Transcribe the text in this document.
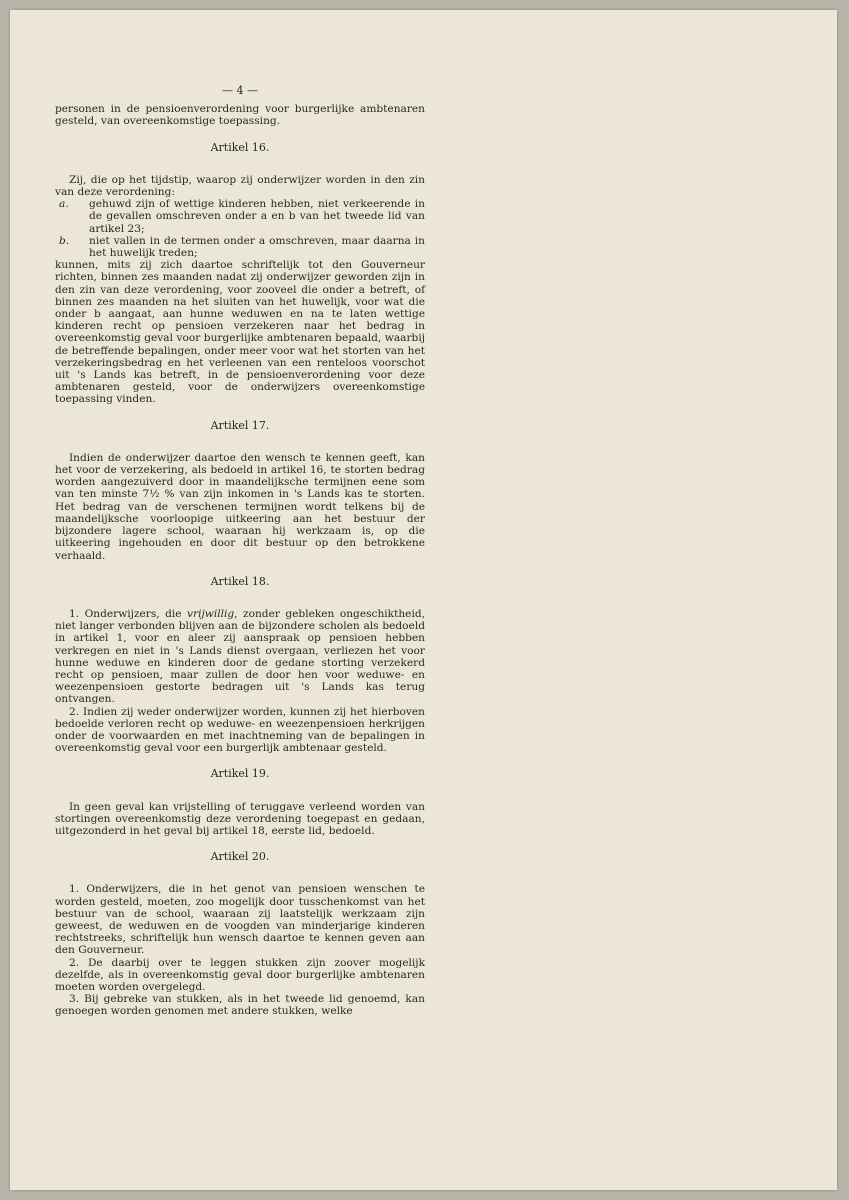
— 4 —

personen in de pensioenverordening voor burgerlijke ambtenaren gesteld, van overeenkomstige toepassing.

Artikel 16.

Zij, die op het tijdstip, waarop zij onderwijzer worden in den zin van deze verordening:

a.	gehuwd zijn of wettige kinderen hebben, niet verkeerende in de gevallen omschreven onder a en b van het tweede lid van artikel 23;
b.	niet vallen in de termen onder a omschreven, maar daarna in het huwelijk treden;

kunnen, mits zij zich daartoe schriftelijk tot den Gouverneur richten, binnen zes maanden nadat zij onderwijzer geworden zijn in den zin van deze verordening, voor zooveel die onder a betreft, of binnen zes maanden na het sluiten van het huwelijk, voor wat die onder b aangaat, aan hunne weduwen en na te laten wettige kinderen recht op pensioen verzekeren naar het bedrag in overeenkomstig geval voor burgerlijke ambtenaren bepaald, waarbij de betreffende bepalingen, onder meer voor wat het storten van het verzekeringsbedrag en het verleenen van een renteloos voorschot uit 's Lands kas betreft, in de pensioenverordening voor deze ambtenaren gesteld, voor de onderwijzers overeenkomstige toepassing vinden.

Artikel 17.

Indien de onderwijzer daartoe den wensch te kennen geeft, kan het voor de verzekering, als bedoeld in artikel 16, te storten bedrag worden aangezuiverd door in maandelijksche termijnen eene som van ten minste 7½ % van zijn inkomen in 's Lands kas te storten. Het bedrag van de verschenen termijnen wordt telkens bij de maandelijksche voorloopige uitkeering aan het bestuur der bijzondere lagere school, waaraan hij werkzaam is, op die uitkeering ingehouden en door dit bestuur op den betrokkene verhaald.

Artikel 18.

1. Onderwijzers, die vrijwillig, zonder gebleken ongeschiktheid, niet langer verbonden blijven aan de bijzondere scholen als bedoeld in artikel 1, voor en aleer zij aanspraak op pensioen hebben verkregen en niet in 's Lands dienst overgaan, verliezen het voor hunne weduwe en kinderen door de gedane storting verzekerd recht op pensioen, maar zullen de door hen voor weduwe- en weezenpensioen gestorte bedragen uit 's Lands kas terug ontvangen.

2. Indien zij weder onderwijzer worden, kunnen zij het hierboven bedoelde verloren recht op weduwe- en weezenpensioen herkrijgen onder de voorwaarden en met inachtneming van de bepalingen in overeenkomstig geval voor een burgerlijk ambtenaar gesteld.

Artikel 19.

In geen geval kan vrijstelling of teruggave verleend worden van stortingen overeenkomstig deze verordening toegepast en gedaan, uitgezonderd in het geval bij artikel 18, eerste lid, bedoeld.

Artikel 20.

1. Onderwijzers, die in het genot van pensioen wenschen te worden gesteld, moeten, zoo mogelijk door tusschenkomst van het bestuur van de school, waaraan zij laatstelijk werkzaam zijn geweest, de weduwen en de voogden van minderjarige kinderen rechtstreeks, schriftelijk hun wensch daartoe te kennen geven aan den Gouverneur.

2. De daarbij over te leggen stukken zijn zoover mogelijk dezelfde, als in overeenkomstig geval door burgerlijke ambtenaren moeten worden overgelegd.

3. Bij gebreke van stukken, als in het tweede lid genoemd, kan genoegen worden genomen met andere stukken, welke
